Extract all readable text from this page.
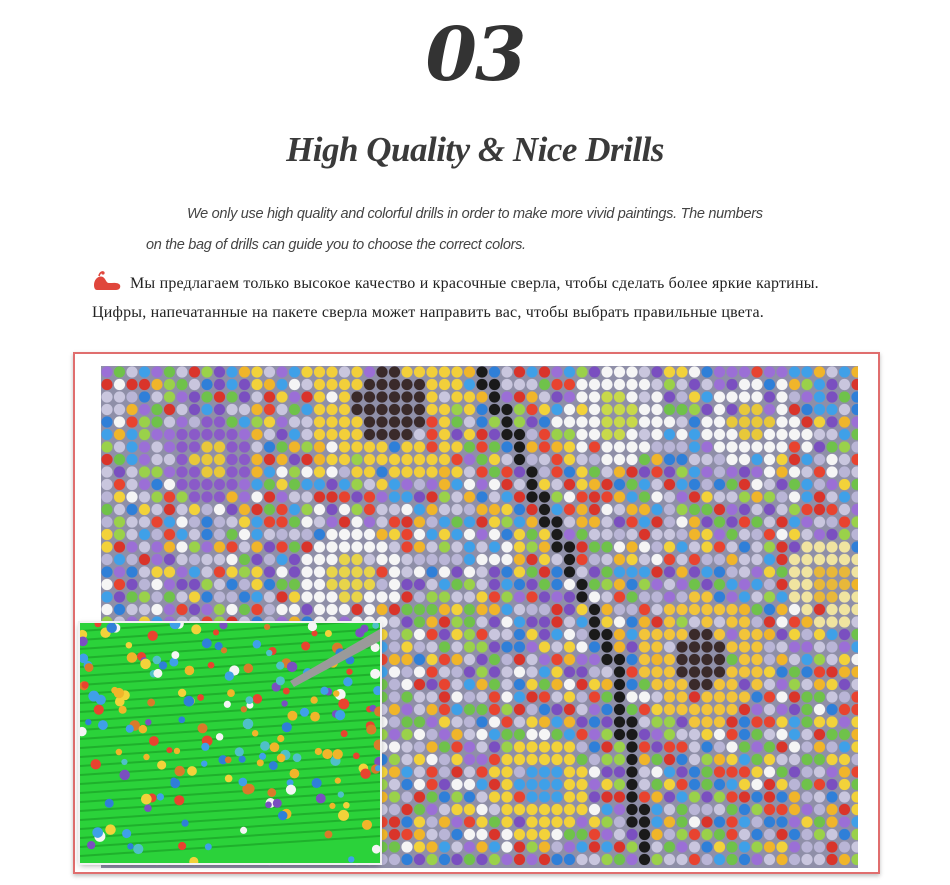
03
High Quality & Nice Drills
We only use high quality and colorful drills in order to make more vivid paintings. The numbers
on the bag of drills can guide you to choose the correct colors.
Мы предлагаем только высокое качество и красочные сверла, чтобы сделать более яркие картины.
Цифры, напечатанные на пакете сверла может направить вас, чтобы выбрать правильные цвета.
